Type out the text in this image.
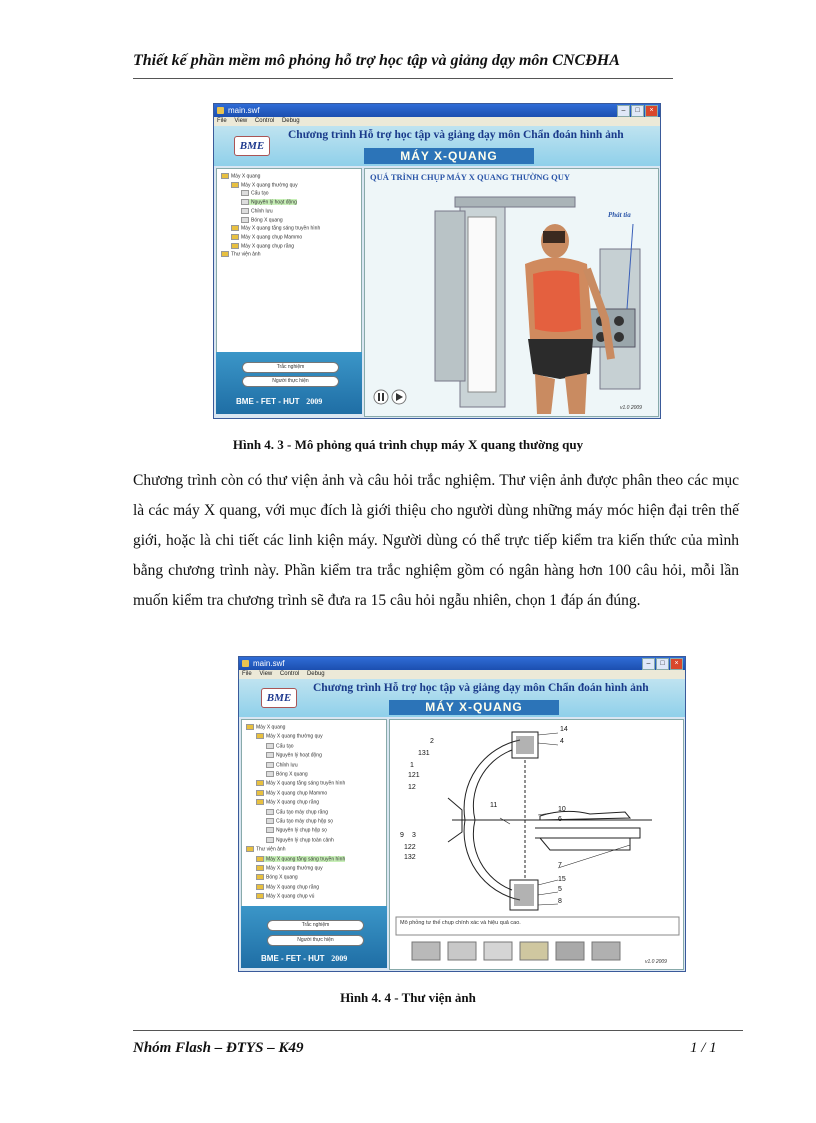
Thiết kế phần mềm mô phỏng hỗ trợ học tập và giảng dạy môn CNCĐHA
main.swf	–	□	×
File View Control Debug
BME
Chương trình Hỗ trợ học tập và giảng dạy môn Chẩn đoán hình ảnh
MÁY X-QUANG
Máy X quang
Máy X quang thường quy
Cấu tạo
Nguyên lý hoạt động
Chỉnh lưu
Bóng X quang
Máy X quang tăng sáng truyền hình
Máy X quang chụp Mammo
Máy X quang chụp răng
Thư viện ảnh
Trắc nghiệm
Người thực hiện
BME - FET - HUT 2009
QUÁ TRÌNH CHỤP MÁY X QUANG THƯỜNG QUY
Phát tia
v1.0 2009
Hình 4. 3 - Mô phỏng quá trình chụp máy X quang thường quy
Chương trình còn có thư viện ảnh và câu hỏi trắc nghiệm. Thư viện ảnh được phân theo các mục là các máy X quang, với mục đích là giới thiệu cho người dùng những máy móc hiện đại trên thế giới, hoặc là chi tiết các linh kiện máy. Người dùng có thể trực tiếp kiểm tra kiến thức của mình bằng chương trình này. Phần kiểm tra trắc nghiệm gồm có ngân hàng hơn 100 câu hỏi, mỗi lần muốn kiểm tra chương trình sẽ đưa ra 15 câu hỏi ngẫu nhiên, chọn 1 đáp án đúng.
main.swf	–	□	×
File View Control Debug
BME
Chương trình Hỗ trợ học tập và giảng dạy môn Chẩn đoán hình ảnh
MÁY X-QUANG
Máy X quang
Máy X quang thường quy
Cấu tạo
Nguyên lý hoạt động
Chỉnh lưu
Bóng X quang
Máy X quang tăng sáng truyền hình
Máy X quang chụp Mammo
Máy X quang chụp răng
Cấu tạo máy chụp răng
Cấu tạo máy chụp hộp sọ
Nguyên lý chụp hộp sọ
Nguyên lý chụp toàn cảnh
Thư viện ảnh
Máy X quang tăng sáng truyền hình
Máy X quang thường quy
Bóng X quang
Máy X quang chụp răng
Máy X quang chụp vú
Trắc nghiệm
Người thực hiện
BME - FET - HUT 2009
14
4
2
131
1
121
12
11
10
6
9 3
122
132
7
15
5
8
Mô phỏng tư thế chụp chính xác và hiệu quả cao.
v1.0 2009
Hình 4. 4 - Thư viện ảnh
Nhóm Flash – ĐTYS – K49	1 / 1
